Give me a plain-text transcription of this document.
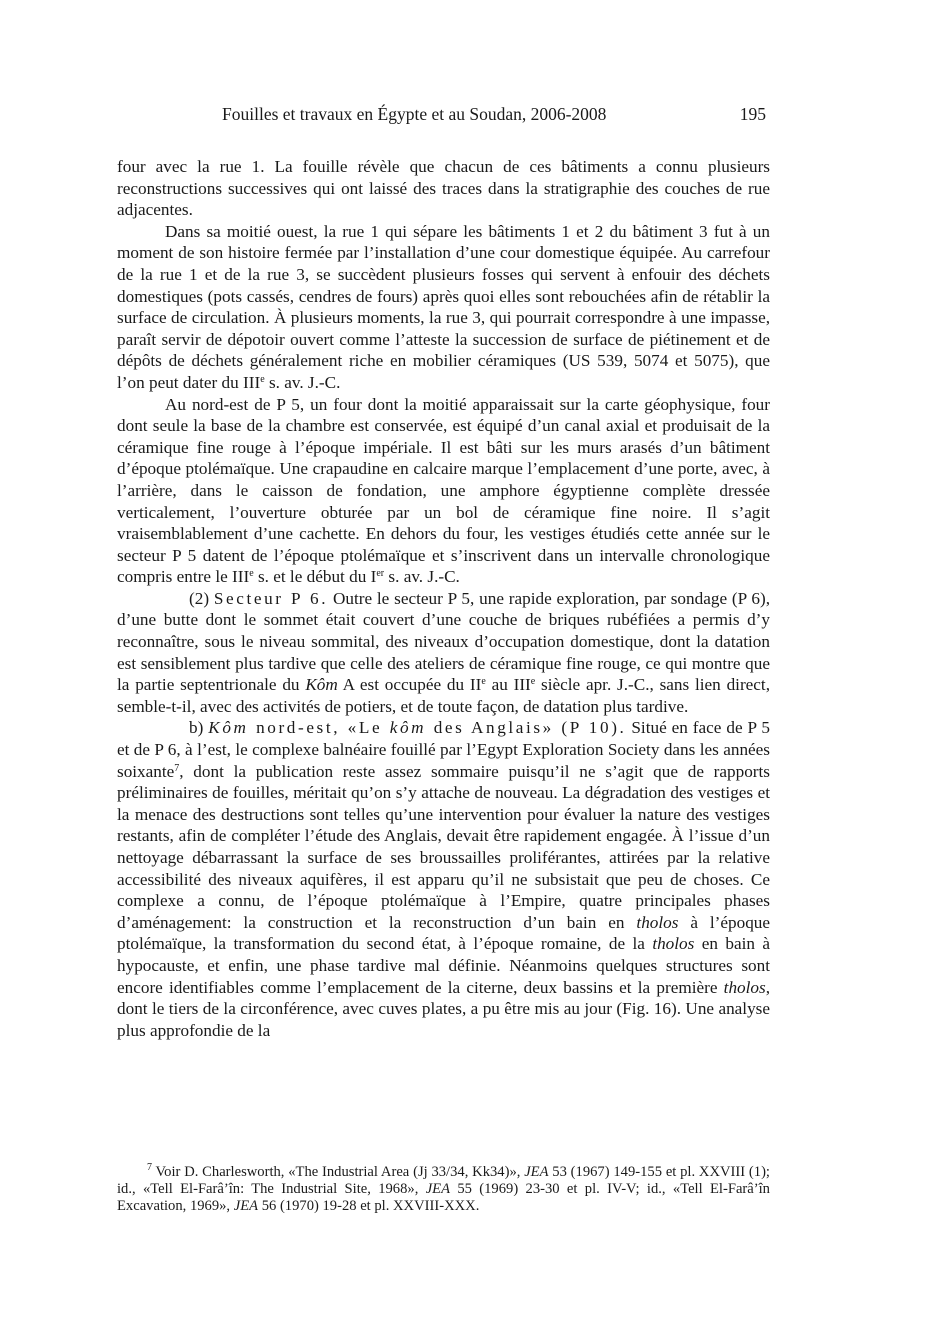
Fouilles et travaux en Égypte et au Soudan, 2006-2008	195

four avec la rue 1. La fouille révèle que chacun de ces bâtiments a connu plusieurs reconstructions successives qui ont laissé des traces dans la stratigraphie des couches de rue adjacentes.

Dans sa moitié ouest, la rue 1 qui sépare les bâtiments 1 et 2 du bâtiment 3 fut à un moment de son histoire fermée par l’installation d’une cour domestique équipée. Au carrefour de la rue 1 et de la rue 3, se succèdent plusieurs fosses qui servent à enfouir des déchets domestiques (pots cassés, cendres de fours) après quoi elles sont rebouchées afin de rétablir la surface de circulation. À plusieurs moments, la rue 3, qui pourrait correspondre à une impasse, paraît servir de dépotoir ouvert comme l’atteste la succession de surface de piétinement et de dépôts de déchets généralement riche en mobilier céramiques (US 539, 5074 et 5075), que l’on peut dater du IIIe s. av. J.-C.

Au nord-est de P 5, un four dont la moitié apparaissait sur la carte géophysique, four dont seule la base de la chambre est conservée, est équipé d’un canal axial et produisait de la céramique fine rouge à l’époque impériale. Il est bâti sur les murs arasés d’un bâtiment d’époque ptolémaïque. Une crapaudine en calcaire marque l’emplacement d’une porte, avec, à l’arrière, dans le caisson de fondation, une amphore égyptienne complète dressée verticalement, l’ouverture obturée par un bol de céramique fine noire. Il s’agit vraisemblablement d’une cachette. En dehors du four, les vestiges étudiés cette année sur le secteur P 5 datent de l’époque ptolémaïque et s’inscrivent dans un intervalle chronologique compris entre le IIIe s. et le début du Ier s. av. J.-C.

(2) Secteur P 6. Outre le secteur P 5, une rapide exploration, par sondage (P 6), d’une butte dont le sommet était couvert d’une couche de briques rubéfiées a permis d’y reconnaître, sous le niveau sommital, des niveaux d’occupation domestique, dont la datation est sensiblement plus tardive que celle des ateliers de céramique fine rouge, ce qui montre que la partie septentrionale du Kôm A est occupée du IIe au IIIe siècle apr. J.-C., sans lien direct, semble-t-il, avec des activités de potiers, et de toute façon, de datation plus tardive.

b) Kôm nord-est, «Le kôm des Anglais» (P 10). Situé en face de P 5 et de P 6, à l’est, le complexe balnéaire fouillé par l’Egypt Exploration Society dans les années soixante$^7$, dont la publication reste assez sommaire puisqu’il ne s’agit que de rapports préliminaires de fouilles, méritait qu’on s’y attache de nouveau. La dégradation des vestiges et la menace des destructions sont telles qu’une intervention pour évaluer la nature des vestiges restants, afin de compléter l’étude des Anglais, devait être rapidement engagée. À l’issue d’un nettoyage débarrassant la surface de ses broussailles proliférantes, attirées par la relative accessibilité des niveaux aquifères, il est apparu qu’il ne subsistait que peu de choses. Ce complexe a connu, de l’époque ptolémaïque à l’Empire, quatre principales phases d’aménagement: la construction et la reconstruction d’un bain en tholos à l’époque ptolémaïque, la transformation du second état, à l’époque romaine, de la tholos en bain à hypocauste, et enfin, une phase tardive mal définie. Néanmoins quelques structures sont encore identifiables comme l’emplacement de la citerne, deux bassins et la première tholos, dont le tiers de la circonférence, avec cuves plates, a pu être mis au jour (Fig. 16). Une analyse plus approfondie de la

$^7$ Voir D. Charlesworth, «The Industrial Area (Jj 33/34, Kk34)», JEA 53 (1967) 149-155 et pl. XXVIII (1); id., «Tell El-Farâ’în: The Industrial Site, 1968», JEA 55 (1969) 23-30 et pl. IV-V; id., «Tell El-Farâ’în Excavation, 1969», JEA 56 (1970) 19-28 et pl. XXVIII-XXX.
